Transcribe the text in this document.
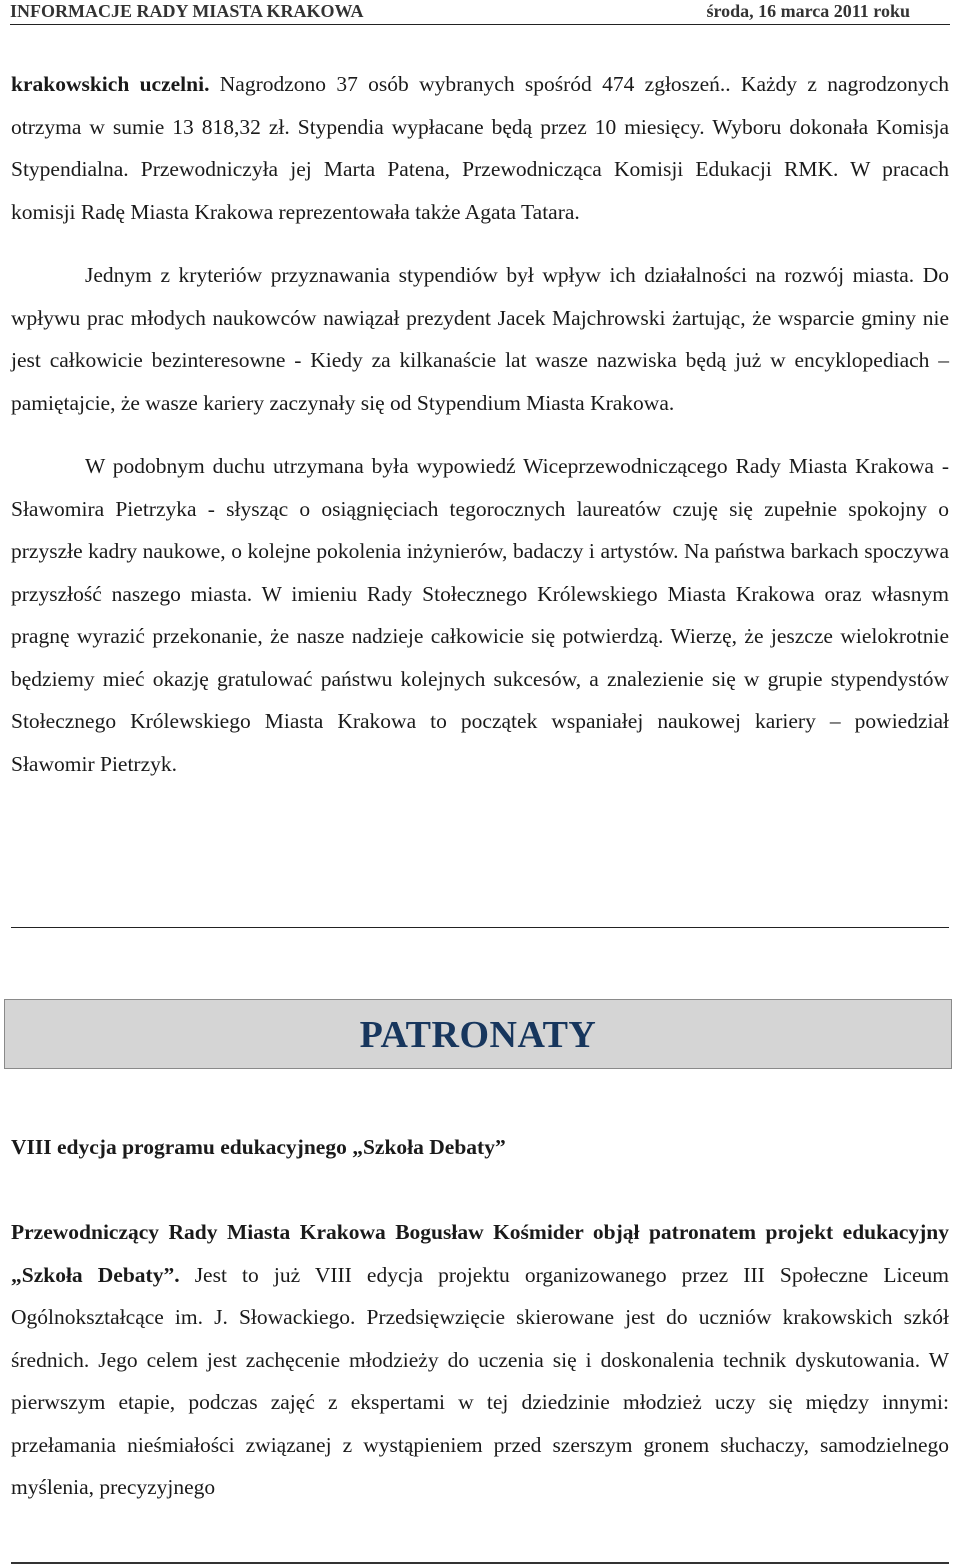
INFORMACJE RADY MIASTA KRAKOWA	środa, 16 marca 2011 roku

krakowskich uczelni. Nagrodzono 37 osób wybranych spośród 474 zgłoszeń.. Każdy z nagrodzonych otrzyma w sumie 13 818,32 zł. Stypendia wypłacane będą przez 10 miesięcy. Wyboru dokonała Komisja Stypendialna. Przewodniczyła jej Marta Patena, Przewodnicząca Komisji Edukacji RMK. W pracach komisji Radę Miasta Krakowa reprezentowała także Agata Tatara.

Jednym z kryteriów przyznawania stypendiów był wpływ ich działalności na rozwój miasta. Do wpływu prac młodych naukowców nawiązał prezydent Jacek Majchrowski żartując, że wsparcie gminy nie jest całkowicie bezinteresowne - Kiedy za kilkanaście lat wasze nazwiska będą już w encyklopediach – pamiętajcie, że wasze kariery zaczynały się od Stypendium Miasta Krakowa.

W podobnym duchu utrzymana była wypowiedź Wiceprzewodniczącego Rady Miasta Krakowa - Sławomira Pietrzyka - słysząc o osiągnięciach tegorocznych laureatów czuję się zupełnie spokojny o przyszłe kadry naukowe, o kolejne pokolenia inżynierów, badaczy i artystów. Na państwa barkach spoczywa przyszłość naszego miasta. W imieniu Rady Stołecznego Królewskiego Miasta Krakowa oraz własnym pragnę wyrazić przekonanie, że nasze nadzieje całkowicie się potwierdzą. Wierzę, że jeszcze wielokrotnie będziemy mieć okazję gratulować państwu kolejnych sukcesów, a znalezienie się w grupie stypendystów Stołecznego Królewskiego Miasta Krakowa to początek wspaniałej naukowej kariery – powiedział Sławomir Pietrzyk.

PATRONATY
VIII edycja programu edukacyjnego „Szkoła Debaty”

Przewodniczący Rady Miasta Krakowa Bogusław Kośmider objął patronatem projekt edukacyjny „Szkoła Debaty”. Jest to już VIII edycja projektu organizowanego przez III Społeczne Liceum Ogólnokształcące im. J. Słowackiego. Przedsięwzięcie skierowane jest do uczniów krakowskich szkół średnich. Jego celem jest zachęcenie młodzieży do uczenia się i doskonalenia technik dyskutowania. W pierwszym etapie, podczas zajęć z ekspertami w tej dziedzinie młodzież uczy się między innymi: przełamania nieśmiałości związanej z wystąpieniem przed szerszym gronem słuchaczy, samodzielnego myślenia, precyzyjnego
